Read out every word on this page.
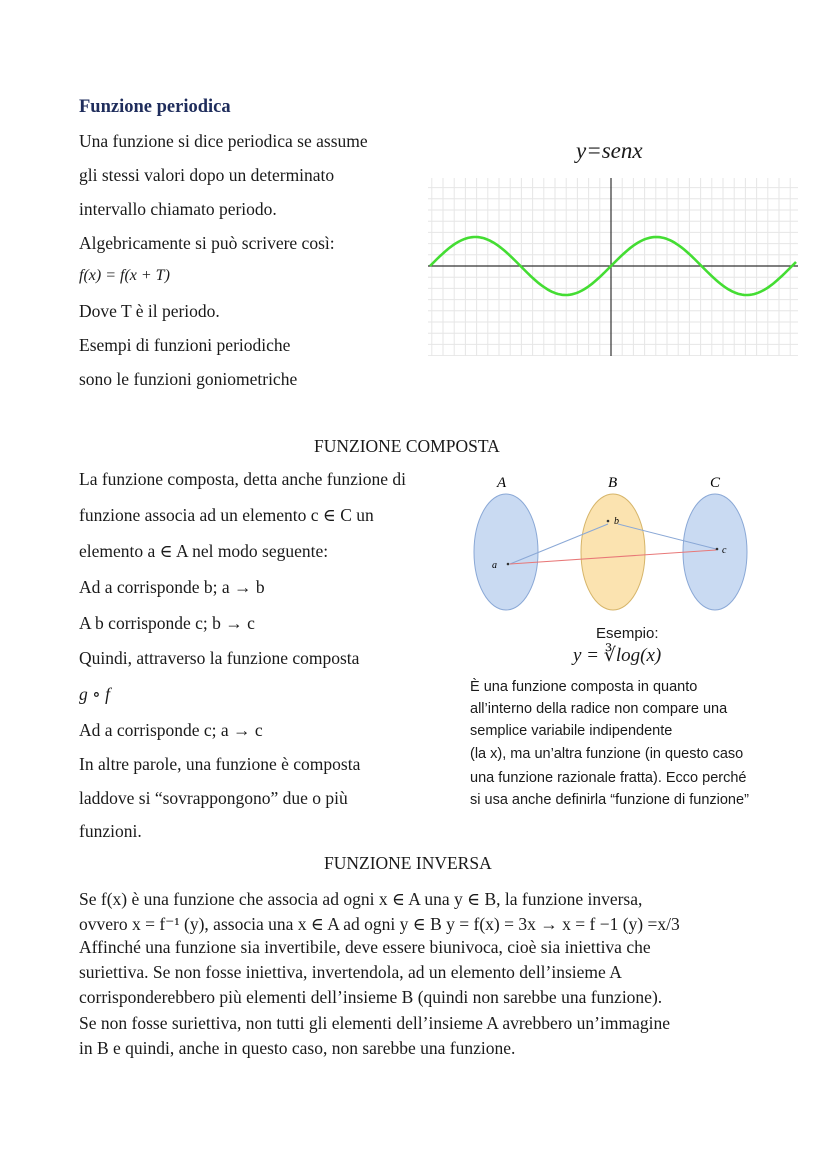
Funzione periodica
Una funzione si dice periodica se assume
gli stessi valori dopo un determinato
intervallo chiamato periodo.
Algebricamente si può scrivere così:
f(x) = f(x + T)
Dove T è il periodo.
Esempi di funzioni periodiche
sono le funzioni goniometriche
y=senx
FUNZIONE COMPOSTA
La funzione composta, detta anche funzione di
funzione associa ad un elemento c ∈ C un
elemento a ∈ A nel modo seguente:
Ad a corrisponde b; a → b
A b corrisponde c; b → c
Quindi, attraverso la funzione composta
g ∘ f
Ad a corrisponde c; a → c
In altre parole, una funzione è composta
laddove si “sovrappongono” due o più
funzioni.
A	B	C
a
b
c
Esempio:
y = ∛log(x)
È una funzione composta in quanto
all’interno della radice non compare una
semplice variabile indipendente
(la x), ma un’altra funzione (in questo caso
una funzione razionale fratta). Ecco perché
si usa anche definirla “funzione di funzione”
FUNZIONE INVERSA
Se f(x) è una funzione che associa ad ogni x ∈ A una y ∈ B, la funzione inversa,
ovvero x = f⁻¹ (y), associa una x ∈ A ad ogni y ∈ B y = f(x) = 3x → x = f −1 (y) =x/3
Affinché una funzione sia invertibile, deve essere biunivoca, cioè sia iniettiva che
suriettiva. Se non fosse iniettiva, invertendola, ad un elemento dell’insieme A
corrisponderebbero più elementi dell’insieme B (quindi non sarebbe una funzione).
Se non fosse suriettiva, non tutti gli elementi dell’insieme A avrebbero un’immagine
in B e quindi, anche in questo caso, non sarebbe una funzione.
